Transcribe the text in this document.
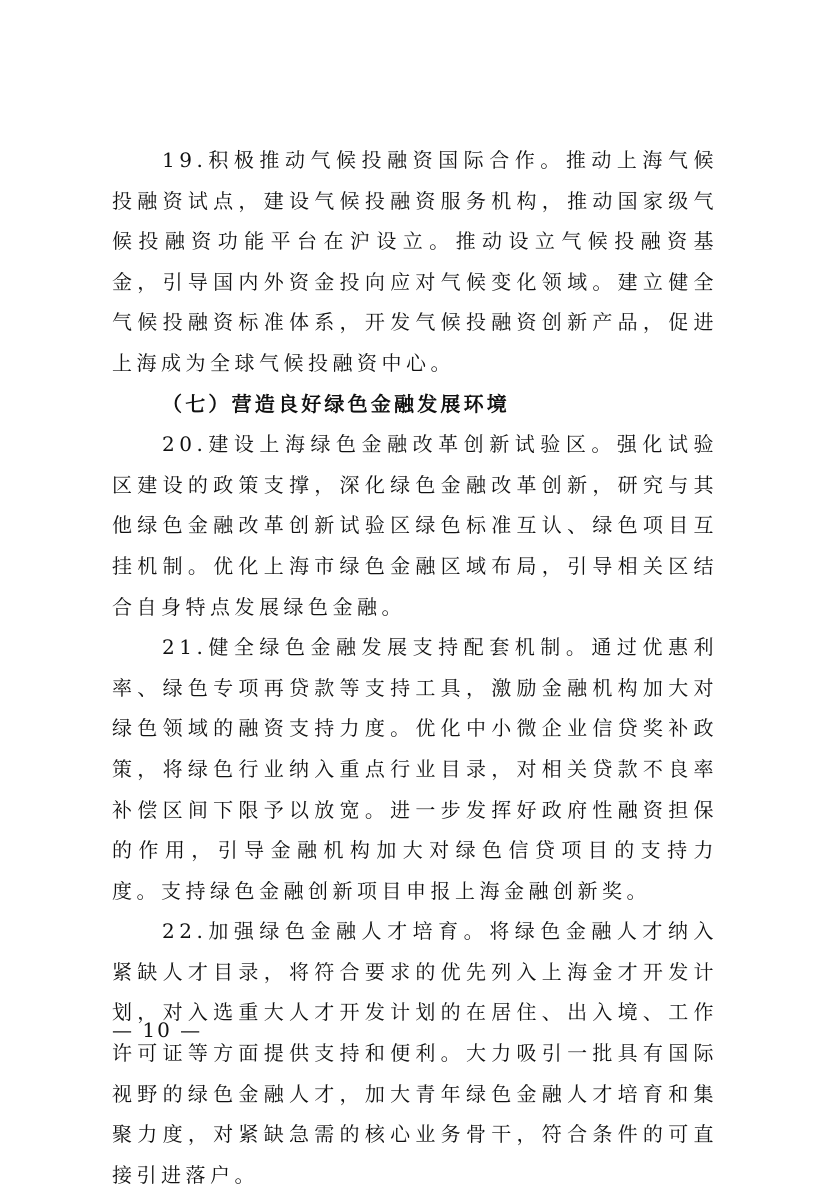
19.积极推动气候投融资国际合作。推动上海气候投融资试点，建设气候投融资服务机构，推动国家级气候投融资功能平台在沪设立。推动设立气候投融资基金，引导国内外资金投向应对气候变化领域。建立健全气候投融资标准体系，开发气候投融资创新产品，促进上海成为全球气候投融资中心。

（七）营造良好绿色金融发展环境

20.建设上海绿色金融改革创新试验区。强化试验区建设的政策支撑，深化绿色金融改革创新，研究与其他绿色金融改革创新试验区绿色标准互认、绿色项目互挂机制。优化上海市绿色金融区域布局，引导相关区结合自身特点发展绿色金融。

21.健全绿色金融发展支持配套机制。通过优惠利率、绿色专项再贷款等支持工具，激励金融机构加大对绿色领域的融资支持力度。优化中小微企业信贷奖补政策，将绿色行业纳入重点行业目录，对相关贷款不良率补偿区间下限予以放宽。进一步发挥好政府性融资担保的作用，引导金融机构加大对绿色信贷项目的支持力度。支持绿色金融创新项目申报上海金融创新奖。

22.加强绿色金融人才培育。将绿色金融人才纳入紧缺人才目录，将符合要求的优先列入上海金才开发计划，对入选重大人才开发计划的在居住、出入境、工作许可证等方面提供支持和便利。大力吸引一批具有国际视野的绿色金融人才，加大青年绿色金融人才培育和集聚力度，对紧缺急需的核心业务骨干，符合条件的可直接引进落户。

— 10 —
